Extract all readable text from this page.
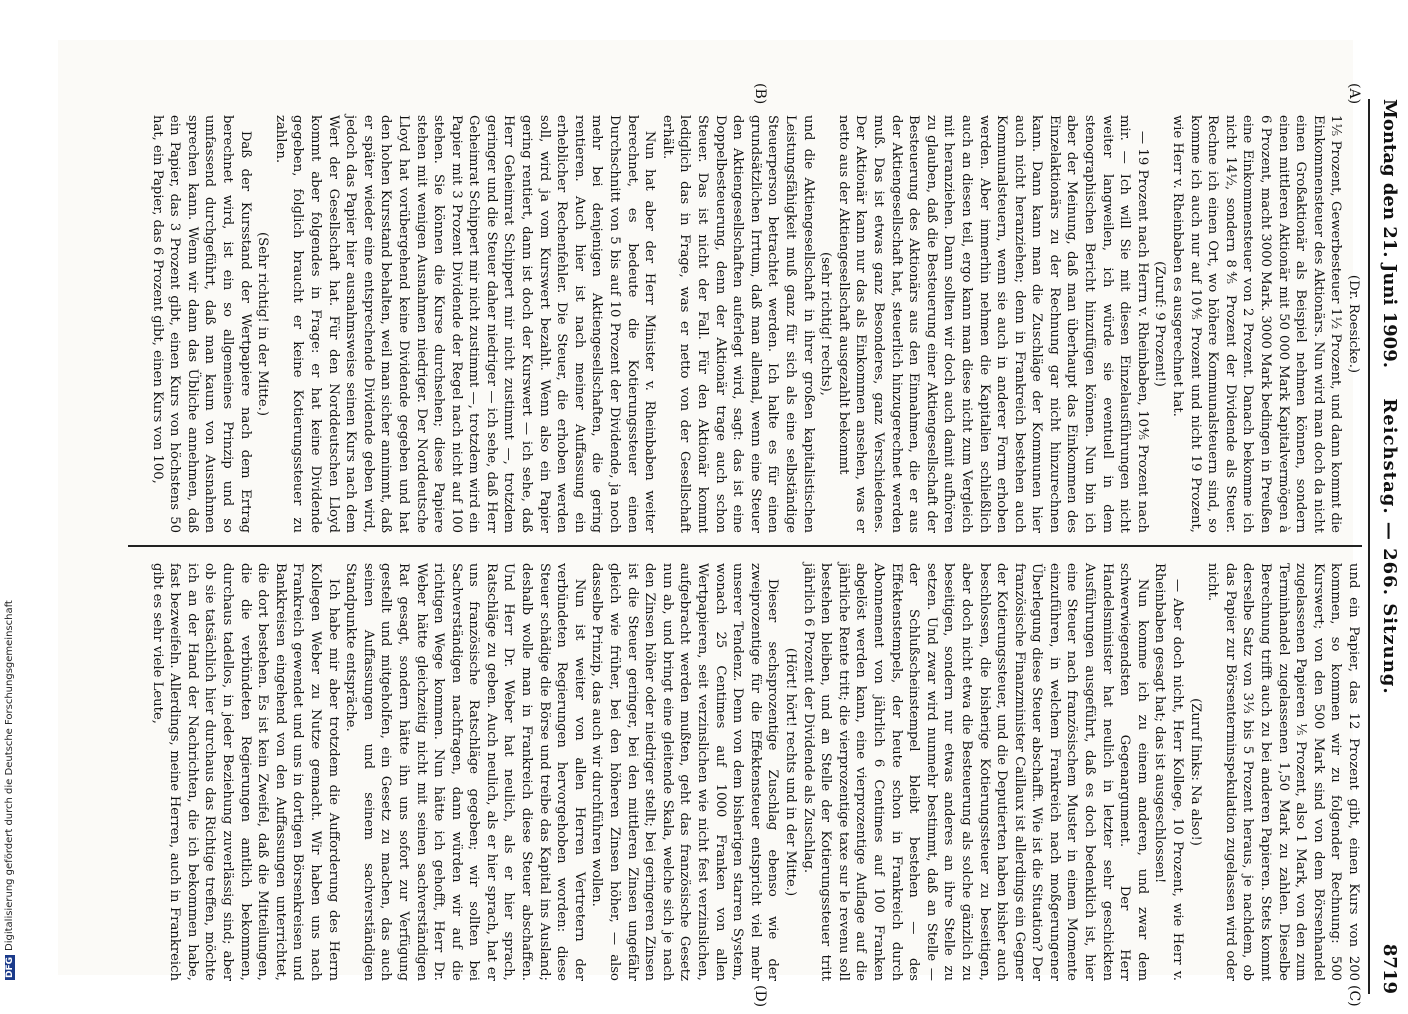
Montag den 21. Juni 1909.
Reichstag. — 266. Sitzung.
8719

(Dr. Roesicke.)

1⅟₅ Prozent, Gewerbesteuer 1½ Prozent, und dann kommt die Einkommensteuer des Aktionärs. Nun wird man doch da nicht einen Großaktionär als Beispiel nehmen können, sondern einen mittleren Aktionär mit 50 000 Mark Kapitalvermögen à 6 Prozent, macht 3000 Mark. 3000 Mark bedingen in Preußen eine Einkommensteuer von 2 Prozent. Danach bekomme ich nicht 14½, sondern 8⅘ Prozent der Dividende als Steuer. Rechne ich einen Ort, wo höhere Kommunalsteuern sind, so komme ich auch nur auf 10⅘ Prozent und nicht 19 Prozent, wie Herr v. Rheinbaben es ausgerechnet hat.

(Zuruf: 9 Prozent!)

— 19 Prozent nach Herrn v. Rheinbaben, 10⅘ Prozent nach mir. — Ich will Sie mit diesen Einzelausführungen nicht weiter langweilen, ich würde sie eventuell in dem stenographischen Bericht hinzufügen können. Nun bin ich aber der Meinung, daß man überhaupt das Einkommen des Einzelaktionärs zu der Rechnung gar nicht hinzurechnen kann. Dann kann man die Zuschläge der Kommunen hier auch nicht heranziehen; denn in Frankreich bestehen auch Kommunalsteuern, wenn sie auch in anderer Form erhoben werden. Aber immerhin nehmen die Kapitalien schließlich auch an diesen teil, ergo kann man diese nicht zum Vergleich mit heranziehen. Dann sollten wir doch auch damit aufhören zu glauben, daß die Besteuerung einer Aktiengesellschaft der Besteuerung des Aktionärs aus den Einnahmen, die er aus der Aktiengesellschaft hat, steuerlich hinzugerechnet werden muß. Das ist etwas ganz Besonderes, ganz Verschiedenes. Der Aktionär kann nur das als Einkommen ansehen, was er netto aus der Aktiengesellschaft ausgezahlt bekommt

(sehr richtig! rechts),

und die Aktiengesellschaft in ihrer großen kapitalistischen Leistungsfähigkeit muß ganz für sich als eine selbständige Steuerperson betrachtet werden. Ich halte es für einen grundsätzlichen Irrtum, daß man allemal, wenn eine Steuer den Aktiengesellschaften auferlegt wird, sagt: das ist eine Doppelbesteuerung, denn der Aktionär trage auch schon Steuer. Das ist nicht der Fall. Für den Aktionär kommt lediglich das in Frage, was er netto von der Gesellschaft erhält.

Nun hat aber der Herr Minister v. Rheinbaben weiter berechnet, es bedeute die Kotierungssteuer einen Durchschnitt von 5 bis auf 10 Prozent der Dividende, ja noch mehr bei denjenigen Aktiengesellschaften, die gering rentieren. Auch hier ist nach meiner Auffassung ein erheblicher Rechenfehler. Die Steuer, die erhoben werden soll, wird ja vom Kurswert bezahlt. Wenn also ein Papier gering rentiert, dann ist doch der Kurswert — ich sehe, daß Herr Geheimrat Schippert mir nicht zustimmt —, trotzdem geringer und die Steuer daher niedriger — ich sehe, daß Herr Geheimrat Schippert mir nicht zustimmt —, trotzdem wird ein Papier mit 3 Prozent Dividende der Regel nach nicht auf 100 stehen. Sie können die Kurse durchsehen; diese Papiere stehen mit wenigen Ausnahmen niedriger. Der Norddeutsche Lloyd hat vorübergehend keine Dividende gegeben und hat den hohen Kursstand behalten, weil man sicher annimmt, daß er später wieder eine entsprechende Dividende geben wird, jedoch das Papier hier ausnahmsweise seinen Kurs nach dem Wert der Gesellschaft hat. Für den Norddeutschen Lloyd kommt aber folgendes in Frage: er hat keine Dividende gegeben, folglich braucht er keine Kotierungssteuer zu zahlen.

(Sehr richtig! in der Mitte.)

Daß der Kursstand der Wertpapiere nach dem Ertrag berechnet wird, ist ein so allgemeines Prinzip und so umfassend durchgeführt, daß man kaum von Ausnahmen sprechen kann. Wenn wir dann das Übliche annehmen, daß ein Papier, das 3 Prozent gibt, einen Kurs von höchstens 50 hat, ein Papier, das 6 Prozent gibt, einen Kurs von 100,

und ein Papier, das 12 Prozent gibt, einen Kurs von 200 kommen, so kommen wir zu folgender Rechnung: 500 Kurswert; von den 500 Mark sind von dem Börsenhandel zugelassenen Papieren ⅕ Prozent, also 1 Mark, von den zum Terminhandel zugelassenen 1,50 Mark zu zahlen. Dieselbe Berechnung trifft auch zu bei anderen Papieren. Stets kommt derselbe Satz von 3⅓ bis 5 Prozent heraus, je nachdem, ob das Papier zur Börsenterminspekulation zugelassen wird oder nicht.

(Zuruf links: Na also!)

— Aber doch nicht, Herr Kollege, 10 Prozent, wie Herr v. Rheinbaben gesagt hat; das ist ausgeschlossen!

Nun komme ich zu einem anderen, und zwar dem schwerwiegendsten Gegenargument. Der Herr Handelsminister hat neulich in letzter sehr geschickten Ausführungen ausgeführt, daß es doch bedenklich ist, hier eine Steuer nach französischem Muster in einem Momente einzuführen, in welchem Frankreich nach moßgerungener Überlegung diese Steuer abschafft. Wie ist die Situation? Der französische Finanzminister Caillaux ist allerdings ein Gegner der Kotierungssteuer, und die Deputierten haben bisher auch beschlossen, die bisherige Kotierungssteuer zu beseitigen, aber doch nicht etwa die Besteuerung als solche gänzlich zu beseitigen, sondern nur etwas anderes an ihre Stelle zu setzen. Und zwar wird nunmehr bestimmt, daß an Stelle — der Schlußscheinstempel bleibt bestehen — des Effektenstempels, der heute schon in Frankreich durch Abonnement von jährlich 6 Centimes auf 100 Franken abgelöst werden kann, eine vierprozentige Auflage auf die jährliche Rente tritt; die vierprozentige taxe sur le revenu soll bestehen bleiben, und an Stelle der Kotierungssteuer tritt jährlich 6 Prozent der Dividende als Zuschlag.

(Hört! hört! rechts und in der Mitte.)

Dieser sechsprozentige Zuschlag ebenso wie der zweiprozentige für die Effektensteuer entspricht viel mehr unserer Tendenz. Denn von dem bisherigen starren System, wonach 25 Centimes auf 1000 Franken von allen Wertpapieren, seit verzinslichen wie nicht fest verzinslichen, aufgebracht werden mußten, geht das französische Gesetz nun ab, und bringt eine gleitende Skala, welche sich je nach den Zinsen höher oder niedriger stellt; bei geringeren Zinsen ist die Steuer geringer, bei den mittleren Zinsen ungefähr gleich wie früher, bei den höheren Zinsen höher, — also dasselbe Prinzip, das auch wir durchführen wollen.

Nun ist weiter von allen Herren Vertretern der verbündeten Regierungen hervorgehoben worden: diese Steuer schädige die Börse und treibe das Kapital ins Ausland; deshalb wolle man in Frankreich diese Steuer abschaffen. Und Herr Dr. Weber hat neulich, als er hier sprach, Ratschläge zu geben. Auch neulich, als er hier sprach, hat er uns französische Ratschläge gegeben; wir sollten bei Sachverständigen nachfragen, dann würden wir auf die richtigen Wege kommen. Nun hätte ich gehofft, Herr Dr. Weber hätte gleichzeitig nicht mit seinen sachverständigen Rat gesagt, sondern hätte ihn uns sofort zur Verfügung gestellt und mitgeholfen, ein Gesetz zu machen, das auch seinen Auffassungen und seinem sachverständigen Standpunkte entspräche.

Ich habe mir aber trotzdem die Aufforderung des Herrn Kollegen Weber zu Nutze gemacht. Wir haben uns nach Frankreich gewendet und uns in dortigen Börsenkreisen und Bankkreisen eingehend von den Auffassungen unterrichtet, die dort bestehen. Es ist kein Zweifel, daß die Mitteilungen, die die verbündeten Regierungen amtlich bekommen, durchaus tadellos, in jeder Beziehung zuverlässig sind; aber ob sie tatsächlich hier durchaus das Richtige treffen, möchte ich an der Hand der Nachrichten, die ich bekommen habe, fast bezweifeln. Allerdings, meine Herren, auch in Frankreich gibt es sehr viele Leute,

(A)
(B)
(C)
(D)
DFGDigitalisierung gefördert durch die Deutsche Forschungsgemeinschaft
